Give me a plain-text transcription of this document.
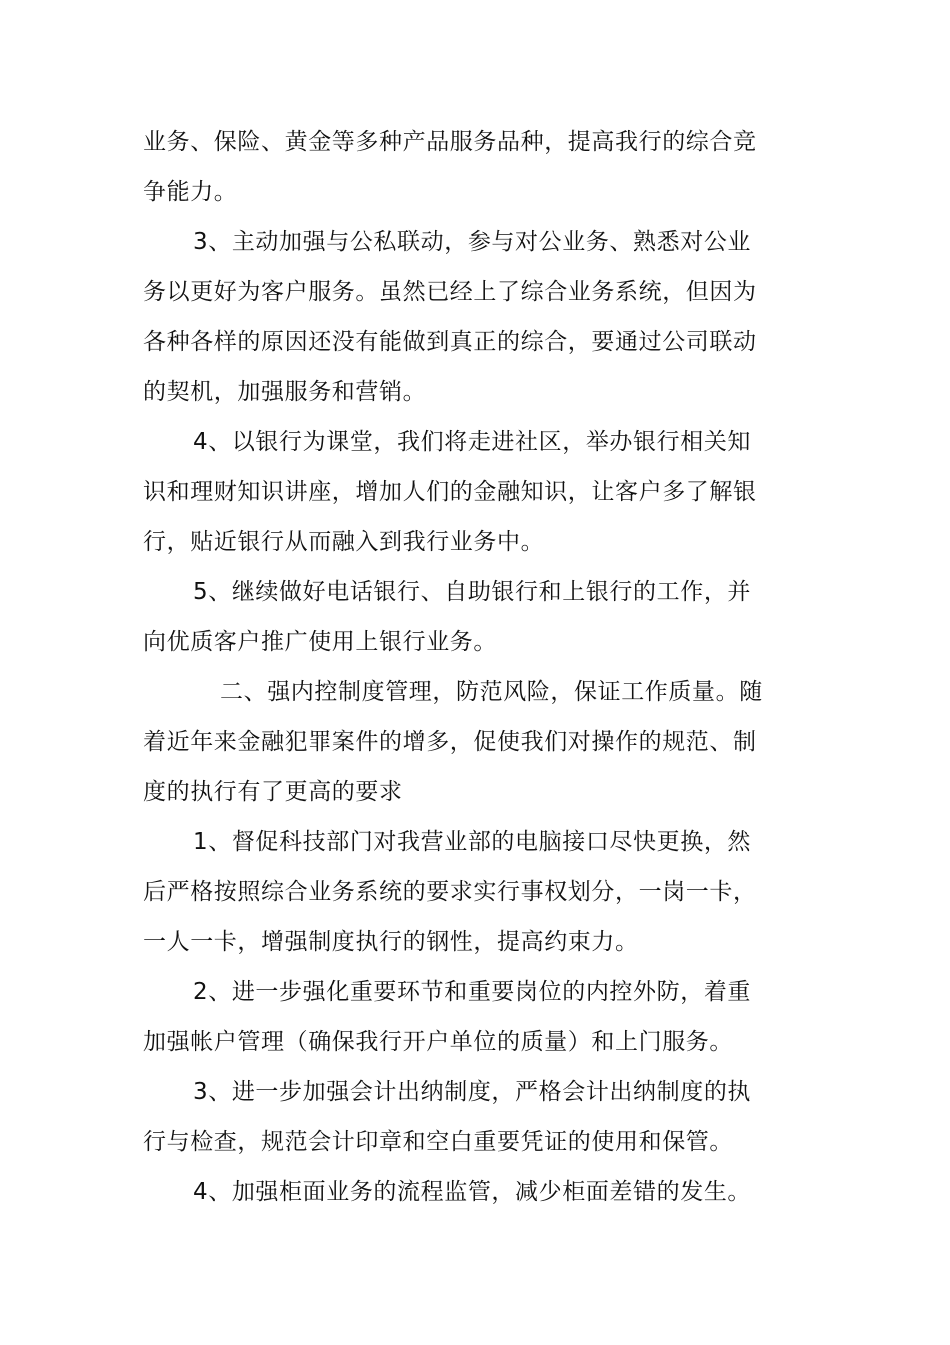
业务、保险、黄金等多种产品服务品种，提高我行的综合竞
争能力。
3、主动加强与公私联动，参与对公业务、熟悉对公业
务以更好为客户服务。虽然已经上了综合业务系统，但因为
各种各样的原因还没有能做到真正的综合，要通过公司联动
的契机，加强服务和营销。
4、以银行为课堂，我们将走进社区，举办银行相关知
识和理财知识讲座，增加人们的金融知识，让客户多了解银
行，贴近银行从而融入到我行业务中。
5、继续做好电话银行、自助银行和上银行的工作，并
向优质客户推广使用上银行业务。
二、强内控制度管理，防范风险，保证工作质量。随
着近年来金融犯罪案件的增多，促使我们对操作的规范、制
度的执行有了更高的要求
1、督促科技部门对我营业部的电脑接口尽快更换，然
后严格按照综合业务系统的要求实行事权划分，一岗一卡，
一人一卡，增强制度执行的钢性，提高约束力。
2、进一步强化重要环节和重要岗位的内控外防，着重
加强帐户管理（确保我行开户单位的质量）和上门服务。
3、进一步加强会计出纳制度，严格会计出纳制度的执
行与检查，规范会计印章和空白重要凭证的使用和保管。
4、加强柜面业务的流程监管，减少柜面差错的发生。
